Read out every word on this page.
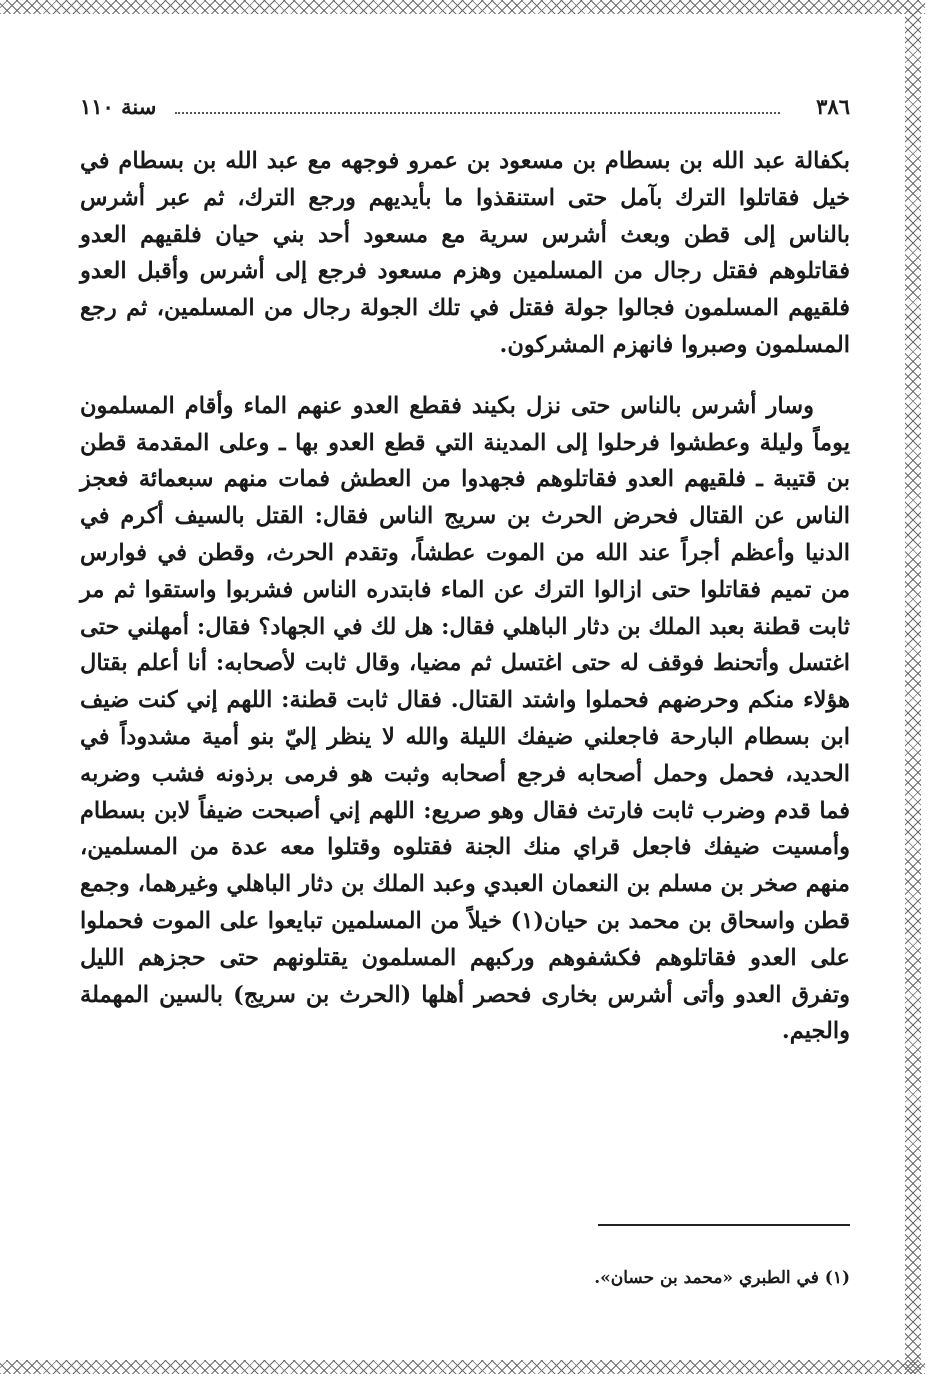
٣٨٦
سنة ١١٠

بكفالة عبد الله بن بسطام بن مسعود بن عمرو فوجهه مع عبد الله بن بسطام في خيل فقاتلوا الترك بآمل حتى استنقذوا ما بأيديهم ورجع الترك، ثم عبر أشرس بالناس إلى قطن وبعث أشرس سرية مع مسعود أحد بني حيان فلقيهم العدو فقاتلوهم فقتل رجال من المسلمين وهزم مسعود فرجع إلى أشرس وأقبل العدو فلقيهم المسلمون فجالوا جولة فقتل في تلك الجولة رجال من المسلمين، ثم رجع المسلمون وصبروا فانهزم المشركون.

وسار أشرس بالناس حتى نزل بكيند فقطع العدو عنهم الماء وأقام المسلمون يوماً وليلة وعطشوا فرحلوا إلى المدينة التي قطع العدو بها ـ وعلى المقدمة قطن بن قتيبة ـ فلقيهم العدو فقاتلوهم فجهدوا من العطش فمات منهم سبعمائة فعجز الناس عن القتال فحرض الحرث بن سريج الناس فقال: القتل بالسيف أكرم في الدنيا وأعظم أجراً عند الله من الموت عطشاً، وتقدم الحرث، وقطن في فوارس من تميم فقاتلوا حتى ازالوا الترك عن الماء فابتدره الناس فشربوا واستقوا ثم مر ثابت قطنة بعبد الملك بن دثار الباهلي فقال: هل لك في الجهاد؟ فقال: أمهلني حتى اغتسل وأتحنط فوقف له حتى اغتسل ثم مضيا، وقال ثابت لأصحابه: أنا أعلم بقتال هؤلاء منكم وحرضهم فحملوا واشتد القتال. فقال ثابت قطنة: اللهم إني كنت ضيف ابن بسطام البارحة فاجعلني ضيفك الليلة والله لا ينظر إليّ بنو أمية مشدوداً في الحديد، فحمل وحمل أصحابه فرجع أصحابه وثبت هو فرمى برذونه فشب وضربه فما قدم وضرب ثابت فارتث فقال وهو صريع: اللهم إني أصبحت ضيفاً لابن بسطام وأمسيت ضيفك فاجعل قراي منك الجنة فقتلوه وقتلوا معه عدة من المسلمين، منهم صخر بن مسلم بن النعمان العبدي وعبد الملك بن دثار الباهلي وغيرهما، وجمع قطن واسحاق بن محمد بن حيان(١) خيلاً من المسلمين تبايعوا على الموت فحملوا على العدو فقاتلوهم فكشفوهم وركبهم المسلمون يقتلونهم حتى حجزهم الليل وتفرق العدو وأتى أشرس بخارى فحصر أهلها (الحرث بن سريج) بالسين المهملة والجيم.

(١) في الطبري «محمد بن حسان».
